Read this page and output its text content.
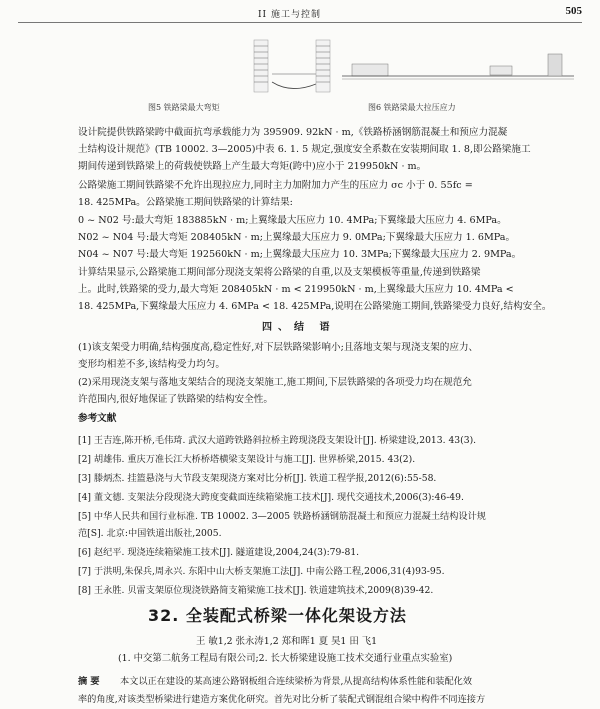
II 施工与控制	505
图5 铁路梁最大弯矩	图6 铁路梁最大拉压应力
设计院提供铁路梁跨中截面抗弯承载能力为 395909. 92kN · m,《铁路桥涵钢筋混凝土和预应力混凝
土结构设计规范》(TB 10002. 3—2005)中表 6. 1. 5 规定,强度安全系数在安装期间取 1. 8,即公路梁施工
期间传递到铁路梁上的荷载使铁路上产生最大弯矩(跨中)应小于 219950kN · m。
公路梁施工期间铁路梁不允许出现拉应力,同时主力加附加力产生的压应力 σc 小于 0. 55fc =
18. 425MPa。公路梁施工期间铁路梁的计算结果:
0 ~ N02 号:最大弯矩 183885kN · m;上翼缘最大压应力 10. 4MPa;下翼缘最大压应力 4. 6MPa。
N02 ~ N04 号:最大弯矩 208405kN · m;上翼缘最大压应力 9. 0MPa;下翼缘最大压应力 1. 6MPa。
N04 ~ N07 号:最大弯矩 192560kN · m;上翼缘最大压应力 10. 3MPa;下翼缘最大压应力 2. 9MPa。
计算结果显示,公路梁施工期间部分现浇支架将公路梁的自重,以及支架模板等重量,传递到铁路梁
上。此时,铁路梁的受力,最大弯矩 208405kN · m < 219950kN · m,上翼缘最大压应力 10. 4MPa <
18. 425MPa,下翼缘最大压应力 4. 6MPa < 18. 425MPa,说明在公路梁施工期间,铁路梁受力良好,结构安全。
四、结 语
(1)该支架受力明确,结构强度高,稳定性好,对下层铁路梁影响小;且落地支架与现浇支架的应力、
变形均相差不多,该结构受力均匀。
(2)采用现浇支架与落地支架结合的现浇支架施工,施工期间,下层铁路梁的各项受力均在规范允
许范围内,很好地保证了铁路梁的结构安全性。
参考文献
[1] 王吉连,陈开桥,毛伟琦. 武汉大道跨铁路斜拉桥主跨现浇段支架设计[J]. 桥梁建设,2013. 43(3).
[2] 胡雄伟. 重庆万准长江大桥桥塔横梁支架设计与施工[J]. 世界桥梁,2015. 43(2).
[3] 滕炳杰. 挂篮悬浇与大节段支架现浇方案对比分析[J]. 铁道工程学报,2012(6):55-58.
[4] 董文德. 支架法分段现浇大跨度变截面连续箱梁施工技术[J]. 现代交通技术,2006(3):46-49.
[5] 中华人民共和国行业标准. TB 10002. 3—2005 铁路桥涵钢筋混凝土和预应力混凝土结构设计规
范[S]. 北京:中国铁道出版社,2005.
[6] 赵纪平. 现浇连续箱梁施工技术[J]. 隧道建设,2004,24(3):79-81.
[7] 于洪明,朱保兵,周永兴. 东阳中山大桥支架施工法[J]. 中南公路工程,2006,31(4)93-95.
[8] 王永胜. 贝雷支架原位现浇铁路简支箱梁施工技术[J]. 铁道建筑技术,2009(8)39-42.
32. 全装配式桥梁一体化架设方法
王 敏1,2 张永涛1,2 郑和晖1 夏 昊1 田 飞1
(1. 中交第二航务工程局有限公司;2. 长大桥梁建设施工技术交通行业重点实验室)
摘 要 本文以正在建设的某高速公路钢板组合连续梁桥为背景,从提高结构体系性能和装配化效
率的角度,对该类型桥梁进行建造方案优化研究。首先对比分析了装配式钢混组合梁中构件不同连接方
